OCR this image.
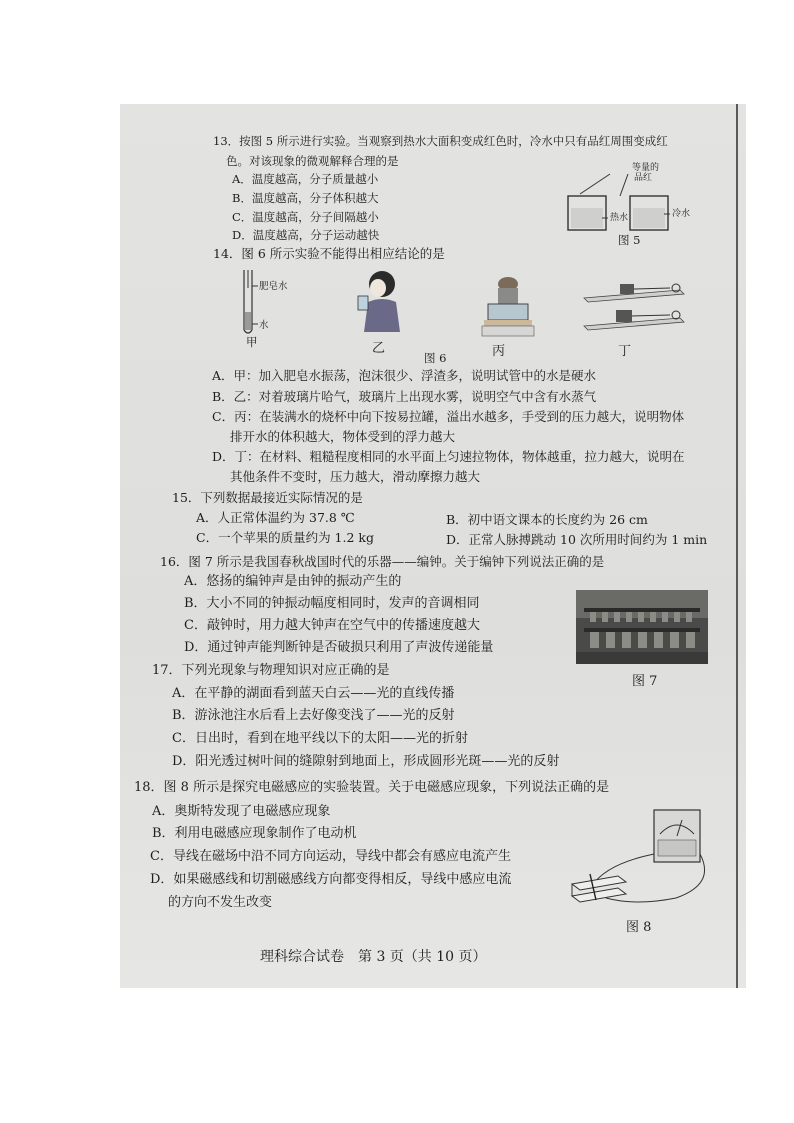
13．按图 5 所示进行实验。当观察到热水大面积变成红色时，冷水中只有品红周围变成红
色。对该现象的微观解释合理的是
A．温度越高，分子质量越小
B．温度越高，分子体积越大
C．温度越高，分子间隔越小
D．温度越高，分子运动越快
等量的
品红
热水	冷水
图 5
14．图 6 所示实验不能得出相应结论的是
肥皂水
水
甲	乙	丙	丁
图 6
A．甲：加入肥皂水振荡，泡沫很少、浮渣多，说明试管中的水是硬水
B．乙：对着玻璃片哈气，玻璃片上出现水雾，说明空气中含有水蒸气
C．丙：在装满水的烧杯中向下按易拉罐，溢出水越多，手受到的压力越大，说明物体
排开水的体积越大，物体受到的浮力越大
D．丁：在材料、粗糙程度相同的水平面上匀速拉物体，物体越重，拉力越大，说明在
其他条件不变时，压力越大，滑动摩擦力越大
15．下列数据最接近实际情况的是
A．人正常体温约为 37.8 ℃	B．初中语文课本的长度约为 26 cm
C．一个苹果的质量约为 1.2 kg	D．正常人脉搏跳动 10 次所用时间约为 1 min
16．图 7 所示是我国春秋战国时代的乐器——编钟。关于编钟下列说法正确的是
A．悠扬的编钟声是由钟的振动产生的
B．大小不同的钟振动幅度相同时，发声的音调相同
C．敲钟时，用力越大钟声在空气中的传播速度越大
D．通过钟声能判断钟是否破损只利用了声波传递能量
图 7
17．下列光现象与物理知识对应正确的是
A．在平静的湖面看到蓝天白云——光的直线传播
B．游泳池注水后看上去好像变浅了——光的反射
C．日出时，看到在地平线以下的太阳——光的折射
D．阳光透过树叶间的缝隙射到地面上，形成圆形光斑——光的反射
18．图 8 所示是探究电磁感应的实验装置。关于电磁感应现象，下列说法正确的是
A．奥斯特发现了电磁感应现象
B．利用电磁感应现象制作了电动机
C．导线在磁场中沿不同方向运动，导线中都会有感应电流产生
D．如果磁感线和切割磁感线方向都变得相反，导线中感应电流
的方向不发生改变
图 8
理科综合试卷　第 3 页（共 10 页）
